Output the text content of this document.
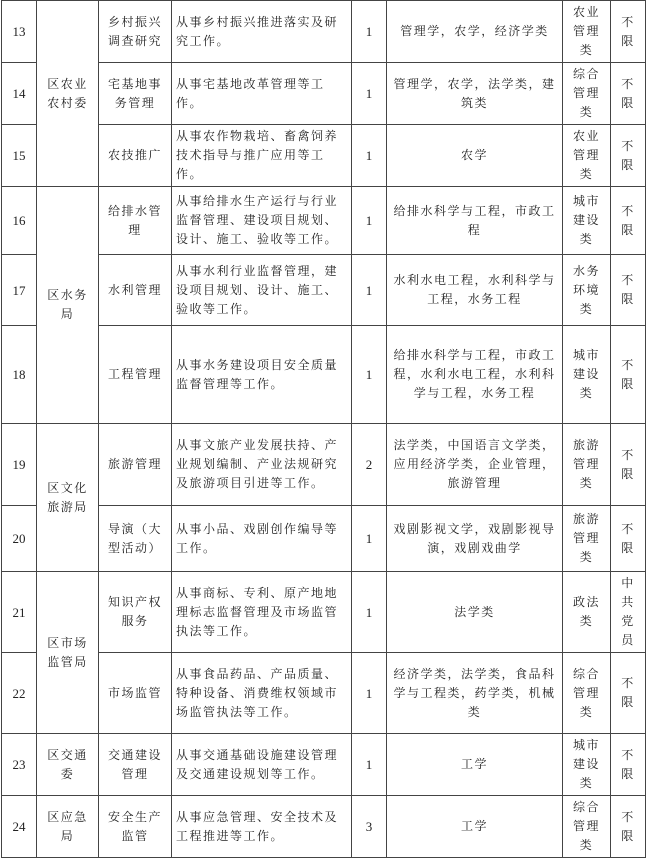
13	区农业农村委	乡村振兴调查研究	从事乡村振兴推进落实及研究工作。	1	管理学，农学，经济学类	农业管理类	不限
14		宅基地事务管理	从事宅基地改革管理等工作。	1	管理学，农学，法学类，建筑类	综合管理类	不限
15		农技推广	从事农作物栽培、畜禽饲养技术指导与推广应用等工作。	1	农学	农业管理类	不限
16	区水务局	给排水管理	从事给排水生产运行与行业监督管理、建设项目规划、设计、施工、验收等工作。	1	给排水科学与工程，市政工程	城市建设类	不限
17		水利管理	从事水利行业监督管理，建设项目规划、设计、施工、验收等工作。	1	水利水电工程，水利科学与工程，水务工程	水务环境类	不限
18		工程管理	从事水务建设项目安全质量监督管理等工作。	1	给排水科学与工程，市政工程，水利水电工程，水利科学与工程，水务工程	城市建设类	不限
19	区文化旅游局	旅游管理	从事文旅产业发展扶持、产业规划编制、产业法规研究及旅游项目引进等工作。	2	法学类，中国语言文学类，应用经济学类，企业管理，旅游管理	旅游管理类	不限
20		导演（大型活动）	从事小品、戏剧创作编导等工作。	1	戏剧影视文学，戏剧影视导演，戏剧戏曲学	旅游管理类	不限
21	区市场监管局	知识产权服务	从事商标、专利、原产地地理标志监督管理及市场监管执法等工作。	1	法学类	政法类	中共党员
22		市场监管	从事食品药品、产品质量、特种设备、消费维权领域市场监管执法等工作。	1	经济学类，法学类，食品科学与工程类，药学类，机械类	综合管理类	不限
23	区交通委	交通建设管理	从事交通基础设施建设管理及交通建设规划等工作。	1	工学	城市建设类	不限
24	区应急局	安全生产监管	从事应急管理、安全技术及工程推进等工作。	3	工学	综合管理类	不限
